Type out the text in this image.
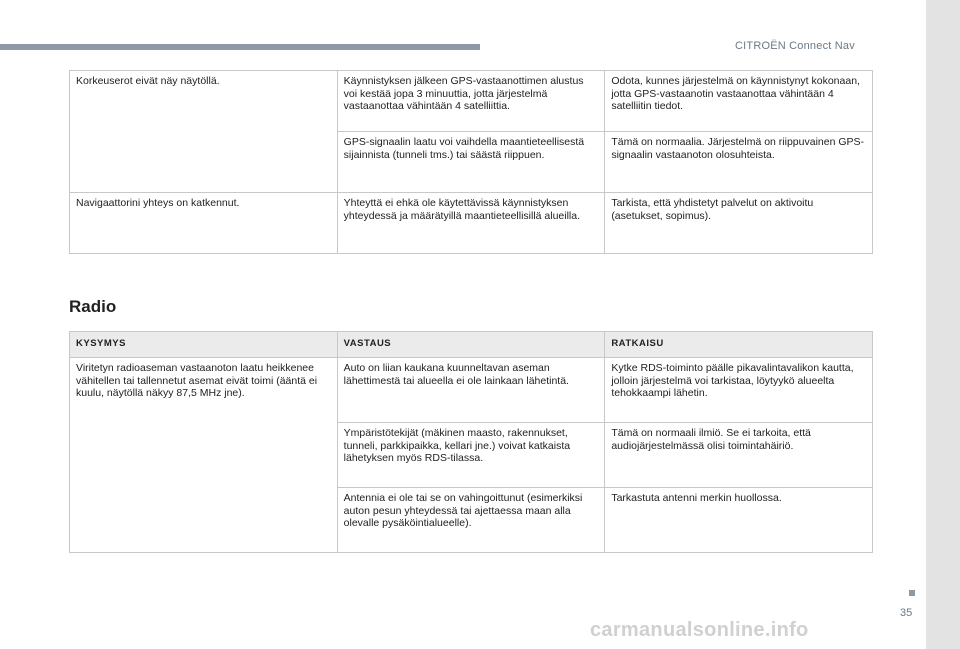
CITROËN Connect Nav
Korkeuserot eivät näy näytöllä.	Käynnistyksen jälkeen GPS-vastaanottimen alustus voi kestää jopa 3 minuuttia, jotta järjestelmä vastaanottaa vähintään 4 satelliittia.	Odota, kunnes järjestelmä on käynnistynyt kokonaan, jotta GPS-vastaanotin vastaanottaa vähintään 4 satelliitin tiedot.
	GPS-signaalin laatu voi vaihdella maantieteellisestä sijainnista (tunneli tms.) tai säästä riippuen.	Tämä on normaalia. Järjestelmä on riippuvainen GPS-signaalin vastaanoton olosuhteista.
Navigaattorini yhteys on katkennut.	Yhteyttä ei ehkä ole käytettävissä käynnistyksen yhteydessä ja määrätyillä maantieteellisillä alueilla.	Tarkista, että yhdistetyt palvelut on aktivoitu (asetukset, sopimus).
Radio
KYSYMYS	VASTAUS	RATKAISU
Viritetyn radioaseman vastaanoton laatu heikkenee vähitellen tai tallennetut asemat eivät toimi (ääntä ei kuulu, näytöllä näkyy 87,5 MHz jne).	Auto on liian kaukana kuunneltavan aseman lähettimestä tai alueella ei ole lainkaan lähetintä.	Kytke RDS-toiminto päälle pikavalintavalikon kautta, jolloin järjestelmä voi tarkistaa, löytyykö alueelta tehokkaampi lähetin.
	Ympäristötekijät (mäkinen maasto, rakennukset, tunneli, parkkipaikka, kellari jne.) voivat katkaista lähetyksen myös RDS-tilassa.	Tämä on normaali ilmiö. Se ei tarkoita, että audiojärjestelmässä olisi toimintahäiriö.
	Antennia ei ole tai se on vahingoittunut (esimerkiksi auton pesun yhteydessä tai ajettaessa maan alla olevalle pysäköintialueelle).	Tarkastuta antenni merkin huollossa.
35
carmanualsonline.info
